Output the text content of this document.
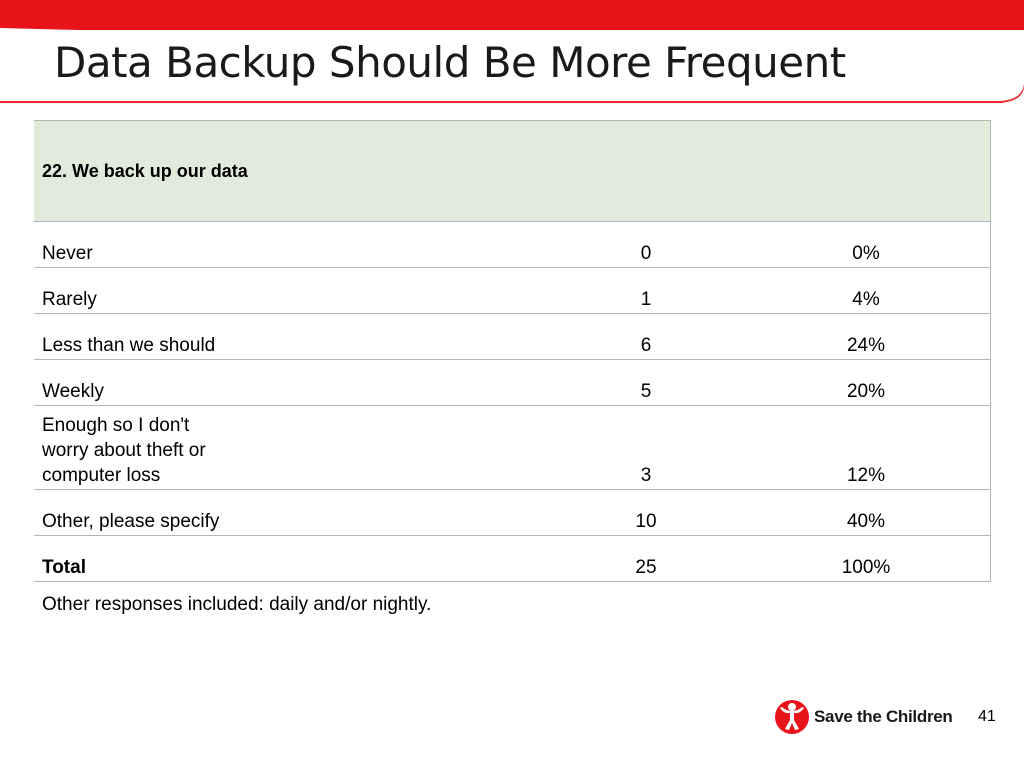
Data Backup Should Be More Frequent
22. We back up our data		
Never	0	0%
Rarely	1	4%
Less than we should	6	24%
Weekly	5	20%

Enough so I don't
worry about theft or
computer loss	3	12%
Other, please specify	10	40%
Total	25	100%
Other responses included: daily and/or nightly.
Save the Children 41
